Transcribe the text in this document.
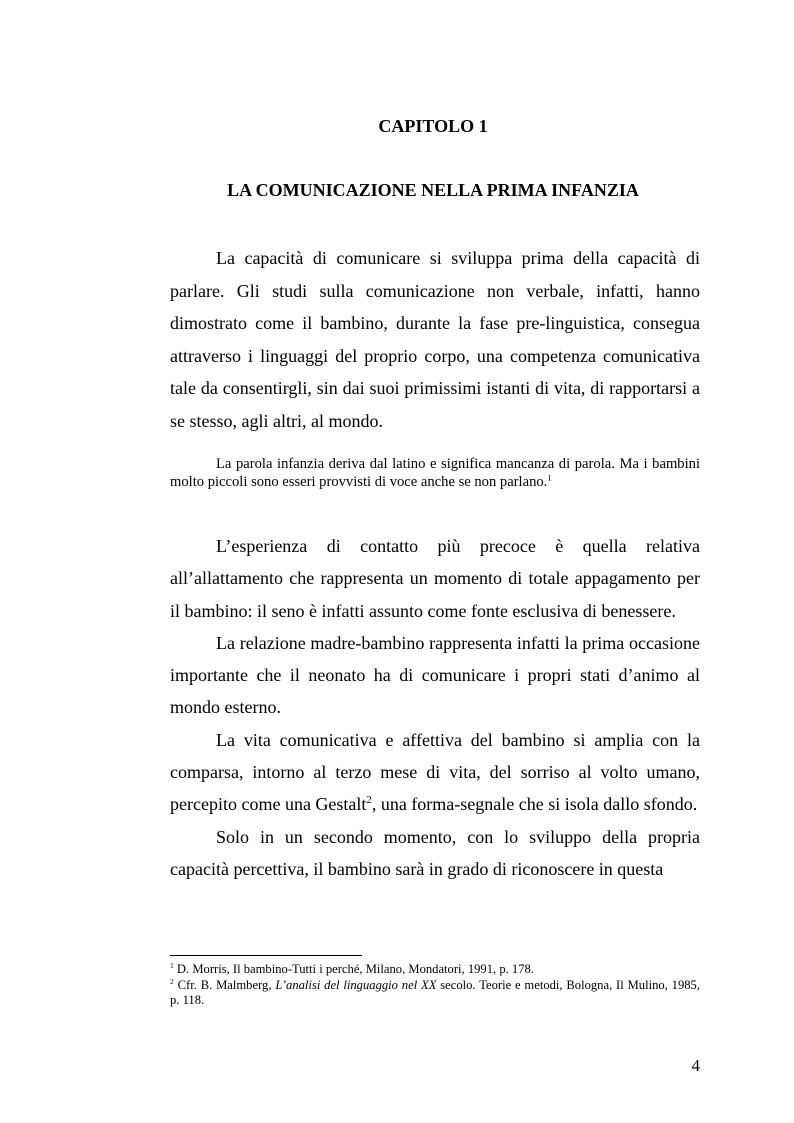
CAPITOLO 1
LA COMUNICAZIONE NELLA PRIMA INFANZIA

La capacità di comunicare si sviluppa prima della capacità di parlare. Gli studi sulla comunicazione non verbale, infatti, hanno dimostrato come il bambino, durante la fase pre-linguistica, consegua attraverso i linguaggi del proprio corpo, una competenza comunicativa tale da consentirgli, sin dai suoi primissimi istanti di vita, di rapportarsi a se stesso, agli altri, al mondo.

La parola infanzia deriva dal latino e significa mancanza di parola. Ma i bambini molto piccoli sono esseri provvisti di voce anche se non parlano.$^1$

L’esperienza di contatto più precoce è quella relativa all’allattamento che rappresenta un momento di totale appagamento per il bambino: il seno è infatti assunto come fonte esclusiva di benessere.

La relazione madre-bambino rappresenta infatti la prima occasione importante che il neonato ha di comunicare i propri stati d’animo al mondo esterno.

La vita comunicativa e affettiva del bambino si amplia con la comparsa, intorno al terzo mese di vita, del sorriso al volto umano, percepito come una Gestalt$^2$, una forma-segnale che si isola dallo sfondo.

Solo in un secondo momento, con lo sviluppo della propria capacità percettiva, il bambino sarà in grado di riconoscere in questa

$^1$ D. Morris, Il bambino-Tutti i perché, Milano, Mondatori, 1991, p. 178.

$^2$ Cfr. B. Malmberg, L’analisi del linguaggio nel XX secolo. Teorie e metodi, Bologna, Il Mulino, 1985, p. 118.

4
